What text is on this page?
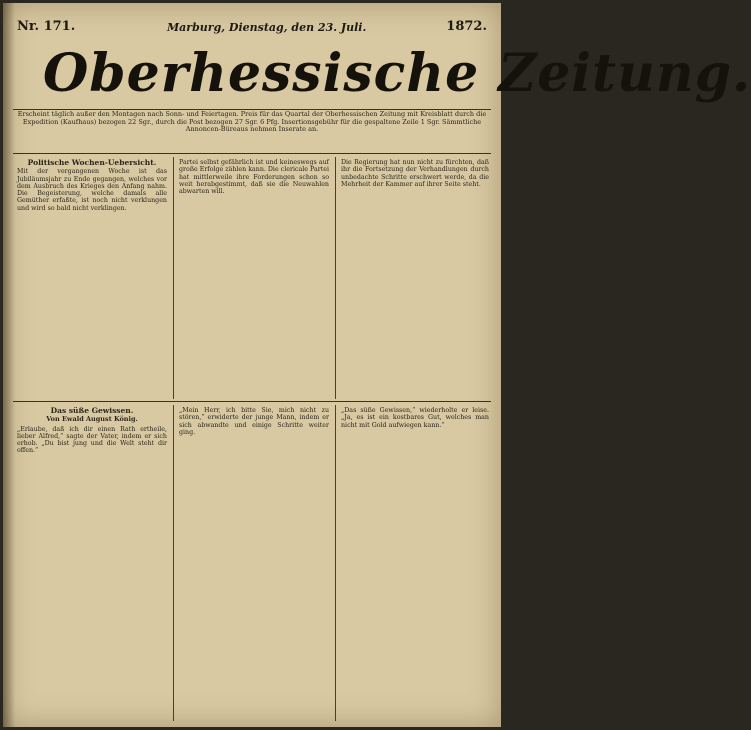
Nr. 171.	Marburg, Dienstag, den 23. Juli.	1872.
Oberhessische Zeitung.
Erscheint täglich außer den Montagen nach Sonn- und Feiertagen. Preis für das Quartal der Oberhessischen Zeitung mit Kreisblatt durch die Expedition (Kaufhaus) bezogen 22 Sgr., durch die Post bezogen 27 Sgr. 6 Pfg. Insertionsgebühr für die gespaltene Zeile 1 Sgr. Sämmtliche Annoncen-Büreaus nehmen Inserate an.
Politische Wochen-Uebersicht.
Mit der vergangenen Woche ist das Jubiläumsjahr zu Ende gegangen, welches vor dem Ausbruch des Krieges den Anfang nahm. Die Begeisterung, welche damals alle Gemüther erfaßte, ist noch nicht verklungen und wird so bald nicht verklingen.
Partei selbst gefährlich ist und keineswegs auf große Erfolge zählen kann. Die clericale Partei hat mittlerweile ihre Forderungen schon so weit herabgestimmt, daß sie die Neuwahlen abwarten will.
Die Regierung hat nun nicht zu fürchten, daß ihr die Fortsetzung der Verhandlungen durch unbedachte Schritte erschwert werde, da die Mehrheit der Kammer auf ihrer Seite steht.
Das süße Gewissen.
Von Ewald August König.
„Erlaube, daß ich dir einen Rath ertheile, lieber Alfred,“ sagte der Vater, indem er sich erhob. „Du bist jung und die Welt steht dir offen.“
„Mein Herr, ich bitte Sie, mich nicht zu stören,“ erwiderte der junge Mann, indem er sich abwandte und einige Schritte weiter ging.
„Das süße Gewissen,“ wiederholte er leise. „Ja, es ist ein kostbares Gut, welches man nicht mit Gold aufwiegen kann.“
